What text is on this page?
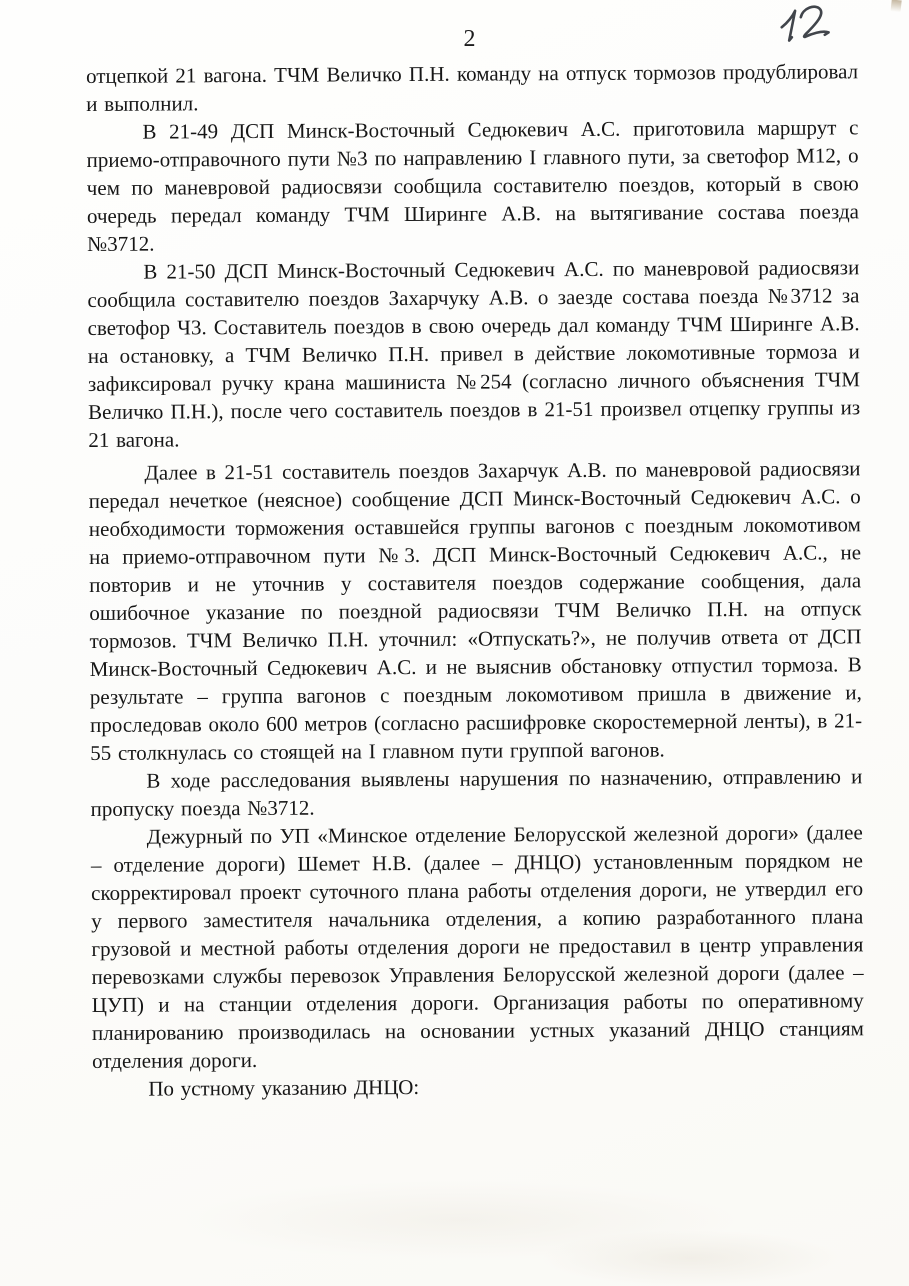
2

отцепкой 21 вагона. ТЧМ Величко П.Н. команду на отпуск тормозов продублировал и выполнил.

В 21-49 ДСП Минск-Восточный Седюкевич А.С. приготовила маршрут с приемо-отправочного пути №3 по направлению I главного пути, за светофор М12, о чем по маневровой радиосвязи сообщила составителю поездов, который в свою очередь передал команду ТЧМ Ширинге А.В. на вытягивание состава поезда №3712.

В 21-50 ДСП Минск-Восточный Седюкевич А.С. по маневровой радиосвязи сообщила составителю поездов Захарчуку А.В. о заезде состава поезда №3712 за светофор Ч3. Составитель поездов в свою очередь дал команду ТЧМ Ширинге А.В. на остановку, а ТЧМ Величко П.Н. привел в действие локомотивные тормоза и зафиксировал ручку крана машиниста №254 (согласно личного объяснения ТЧМ Величко П.Н.), после чего составитель поездов в 21-51 произвел отцепку группы из 21 вагона.

Далее в 21-51 составитель поездов Захарчук А.В. по маневровой радиосвязи передал нечеткое (неясное) сообщение ДСП Минск-Восточный Седюкевич А.С. о необходимости торможения оставшейся группы вагонов с поездным локомотивом на приемо-отправочном пути №3. ДСП Минск-Восточный Седюкевич А.С., не повторив и не уточнив у составителя поездов содержание сообщения, дала ошибочное указание по поездной радиосвязи ТЧМ Величко П.Н. на отпуск тормозов. ТЧМ Величко П.Н. уточнил: «Отпускать?», не получив ответа от ДСП Минск-Восточный Седюкевич А.С. и не выяснив обстановку отпустил тормоза. В результате – группа вагонов с поездным локомотивом пришла в движение и, проследовав около 600 метров (согласно расшифровке скоростемерной ленты), в 21-55 столкнулась со стоящей на I главном пути группой вагонов.

В ходе расследования выявлены нарушения по назначению, отправлению и пропуску поезда №3712.

Дежурный по УП «Минское отделение Белорусской железной дороги» (далее – отделение дороги) Шемет Н.В. (далее – ДНЦО) установленным порядком не скорректировал проект суточного плана работы отделения дороги, не утвердил его у первого заместителя начальника отделения, а копию разработанного плана грузовой и местной работы отделения дороги не предоставил в центр управления перевозками службы перевозок Управления Белорусской железной дороги (далее – ЦУП) и на станции отделения дороги. Организация работы по оперативному планированию производилась на основании устных указаний ДНЦО станциям отделения дороги.

По устному указанию ДНЦО:
